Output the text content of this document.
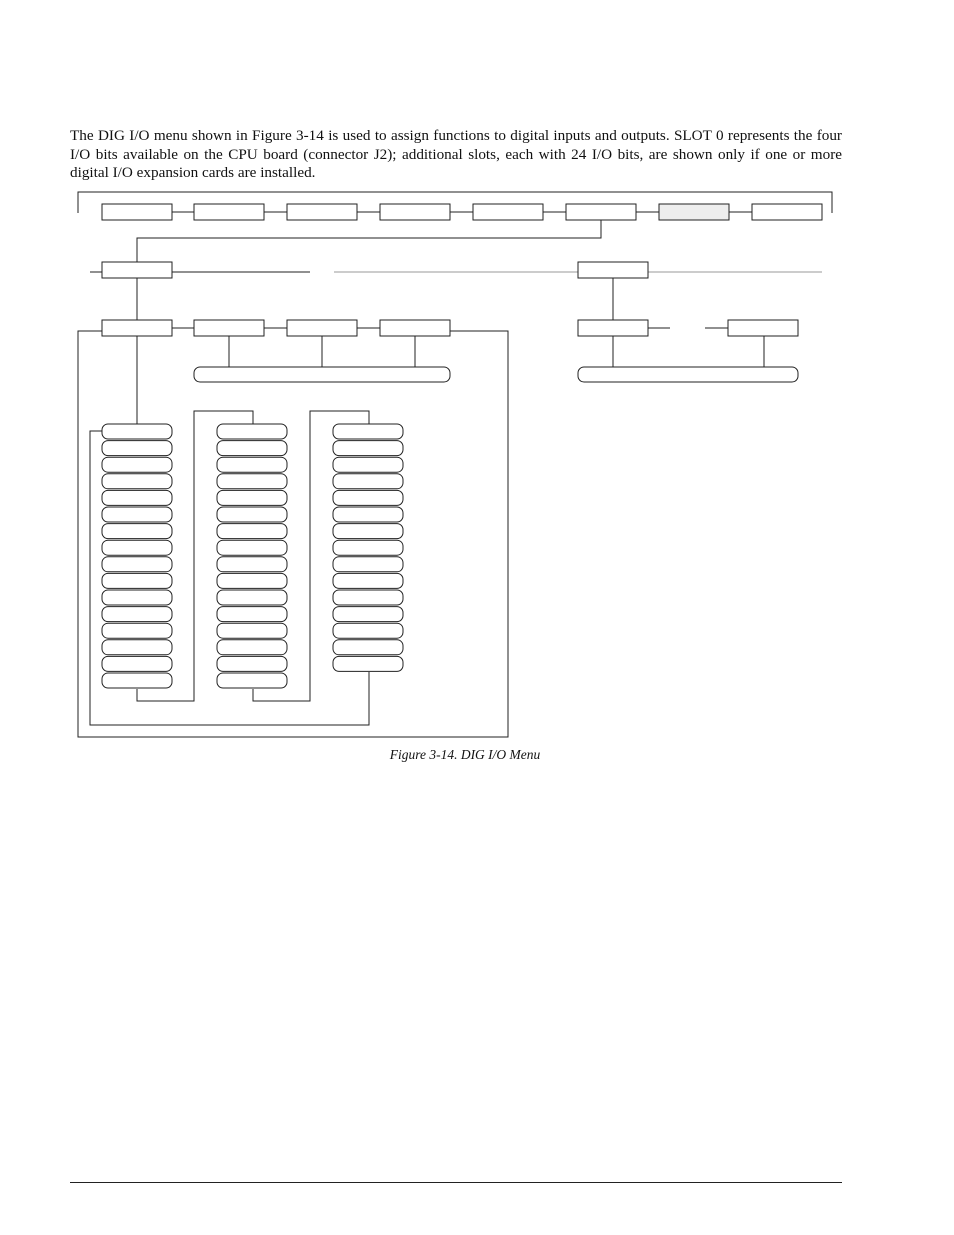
The DIG I/O menu shown in Figure 3-14 is used to assign functions to digital inputs and outputs. SLOT 0 represents the four I/O bits available on the CPU board (connector J2); additional slots, each with 24 I/O bits, are shown only if one or more digital I/O expansion cards are installed.

Figure 3-14. DIG I/O Menu
